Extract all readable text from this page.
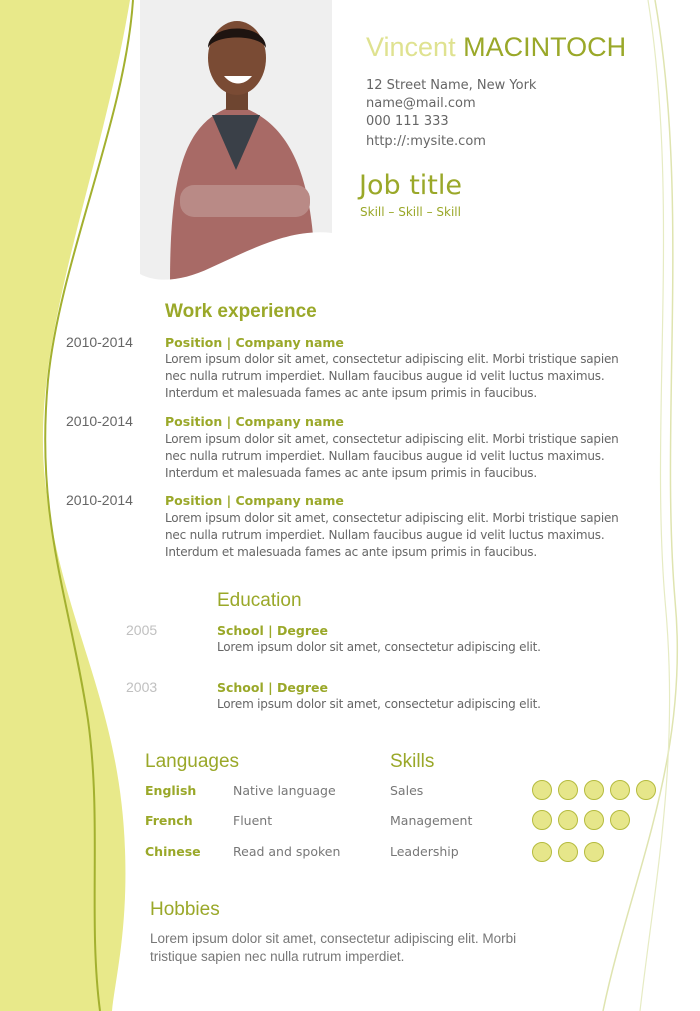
Vincent MACINTOCH
12 Street Name, New York
name@mail.com
000 111 333
http://:mysite.com
Job title
Skill – Skill – Skill
Work experience
2010-2014	Position | Company name
Lorem ipsum dolor sit amet, consectetur adipiscing elit. Morbi tristique sapien nec nulla rutrum imperdiet. Nullam faucibus augue id velit luctus maximus. Interdum et malesuada fames ac ante ipsum primis in faucibus.
2010-2014	Position | Company name
Lorem ipsum dolor sit amet, consectetur adipiscing elit. Morbi tristique sapien nec nulla rutrum imperdiet. Nullam faucibus augue id velit luctus maximus. Interdum et malesuada fames ac ante ipsum primis in faucibus.
2010-2014	Position | Company name
Lorem ipsum dolor sit amet, consectetur adipiscing elit. Morbi tristique sapien nec nulla rutrum imperdiet. Nullam faucibus augue id velit luctus maximus. Interdum et malesuada fames ac ante ipsum primis in faucibus.
Education
2005	School | Degree
Lorem ipsum dolor sit amet, consectetur adipiscing elit.
2003	School | Degree
Lorem ipsum dolor sit amet, consectetur adipiscing elit.
Languages
English	Native language
French	Fluent
Chinese	Read and spoken
Skills
Sales
Management
Leadership
Hobbies
Lorem ipsum dolor sit amet, consectetur adipiscing elit. Morbi tristique sapien nec nulla rutrum imperdiet.
